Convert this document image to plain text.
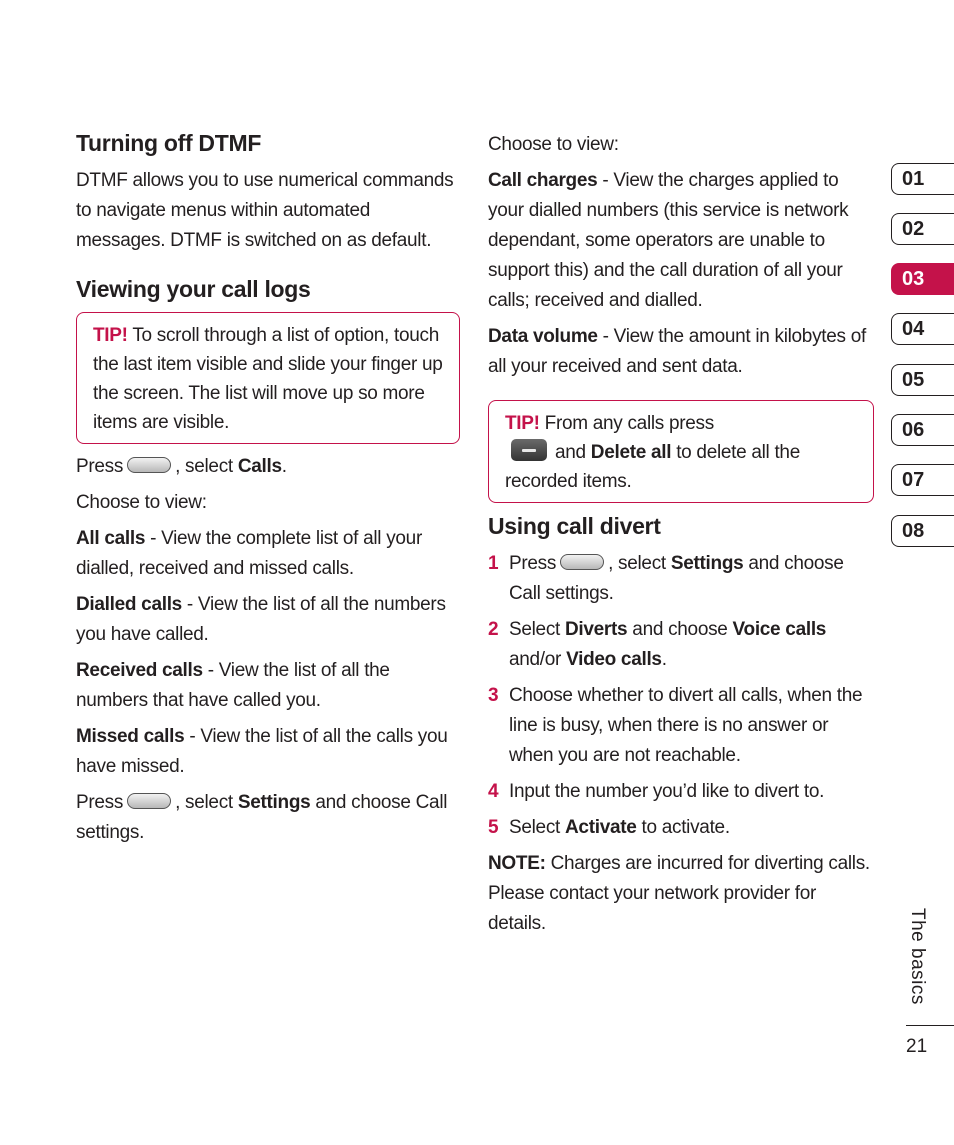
Turning off DTMF

DTMF allows you to use numerical commands to navigate menus within automated messages. DTMF is switched on as default.

Viewing your call logs
TIP! To scroll through a list of option, touch the last item visible and slide your finger up the screen. The list will move up so more items are visible.

Press	, select Calls.

Choose to view:

All calls - View the complete list of all your dialled, received and missed calls.

Dialled calls - View the list of all the numbers you have called.

Received calls - View the list of all the numbers that have called you.

Missed calls - View the list of all the calls you have missed.

Press	, select Settings and choose Call settings.

Choose to view:

Call charges - View the charges applied to your dialled numbers (this service is network dependant, some operators are unable to support this) and the call duration of all your calls; received and dialled.

Data volume - View the amount in kilobytes of all your received and sent data.

TIP! From any calls press
and Delete all to delete all the recorded items.
Using call divert
1 Press	, select Settings and choose Call settings.
2 Select Diverts and choose Voice calls and/or Video calls.
3 Choose whether to divert all calls, when the line is busy, when there is no answer or when you are not reachable.
4 Input the number you’d like to divert to.
5 Select Activate to activate.

NOTE: Charges are incurred for diverting calls. Please contact your network provider for details.

01
02
03
04
05
06
07
08
The basics
21
